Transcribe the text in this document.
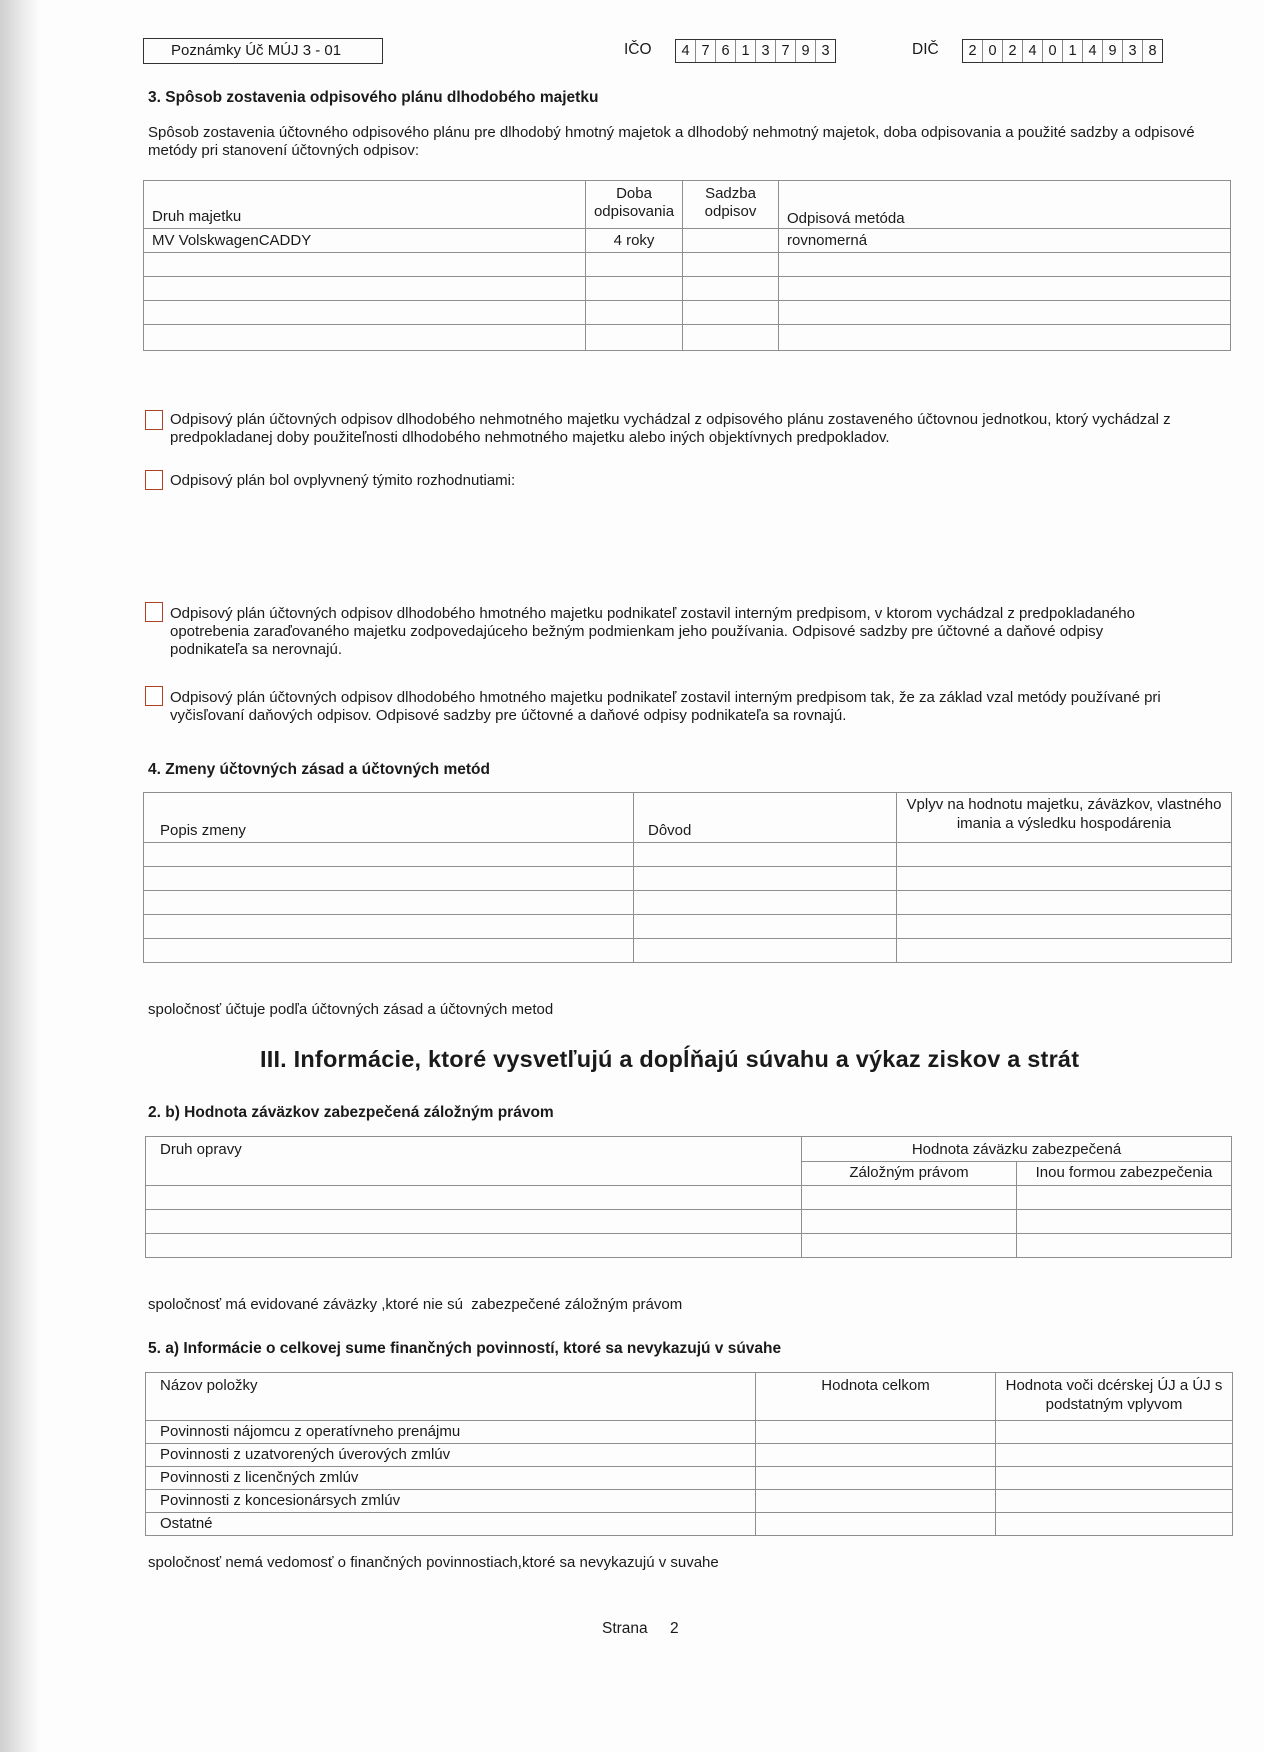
Poznámky Úč MÚJ 3 - 01	IČO	4 7 6 1 3 7 9 3	DIČ	2 0 2 4 0 1 4 9 3 8
3. Spôsob zostavenia odpisového plánu dlhodobého majetku
Spôsob zostavenia účtovného odpisového plánu pre dlhodobý hmotný majetok a dlhodobý nehmotný majetok, doba odpisovania a použité sadzby a odpisové metódy pri stanovení účtovných odpisov:
Druh majetku	Doba odpisovania	Sadzba odpisov	Odpisová metóda
MV VolskwagenCADDY	4 roky		rovnomerná

Odpisový plán účtovných odpisov dlhodobého nehmotného majetku vychádzal z odpisového plánu zostaveného účtovnou jednotkou, ktorý vychádzal z predpokladanej doby použiteľnosti dlhodobého nehmotného majetku alebo iných objektívnych predpokladov.
Odpisový plán bol ovplyvnený týmito rozhodnutiami:
Odpisový plán účtovných odpisov dlhodobého hmotného majetku podnikateľ zostavil interným predpisom, v ktorom vychádzal z predpokladaného opotrebenia zaraďovaného majetku zodpovedajúceho bežným podmienkam jeho používania. Odpisové sadzby pre účtovné a daňové odpisy podnikateľa sa nerovnajú.
Odpisový plán účtovných odpisov dlhodobého hmotného majetku podnikateľ zostavil interným predpisom tak, že za základ vzal metódy používané pri vyčisľovaní daňových odpisov. Odpisové sadzby pre účtovné a daňové odpisy podnikateľa sa rovnajú.
4. Zmeny účtovných zásad a účtovných metód
Popis zmeny	Dôvod	Vplyv na hodnotu majetku, záväzkov, vlastného imania a výsledku hospodárenia

spoločnosť účtuje podľa účtovných zásad a účtovných metod
III. Informácie, ktoré vysvetľujú a dopĺňajú súvahu a výkaz ziskov a strát
2. b) Hodnota záväzkov zabezpečená záložným právom
Druh opravy	Hodnota záväzku zabezpečená	
	Záložným právom	Inou formou zabezpečenia

spoločnosť má evidované záväzky ,ktoré nie sú  zabezpečené záložným právom
5. a) Informácie o celkovej sume finančných povinností, ktoré sa nevykazujú v súvahe
Názov položky	Hodnota celkom	Hodnota voči dcérskej ÚJ a ÚJ s podstatným vplyvom
Povinnosti nájomcu z operatívneho prenájmu		
Povinnosti z uzatvorených úverových zmlúv		
Povinnosti z licenčných zmlúv		
Povinnosti z koncesionársych zmlúv		
Ostatné		
spoločnosť nemá vedomosť o finančných povinnostiach,ktoré sa nevykazujú v suvahe
Strana 2
